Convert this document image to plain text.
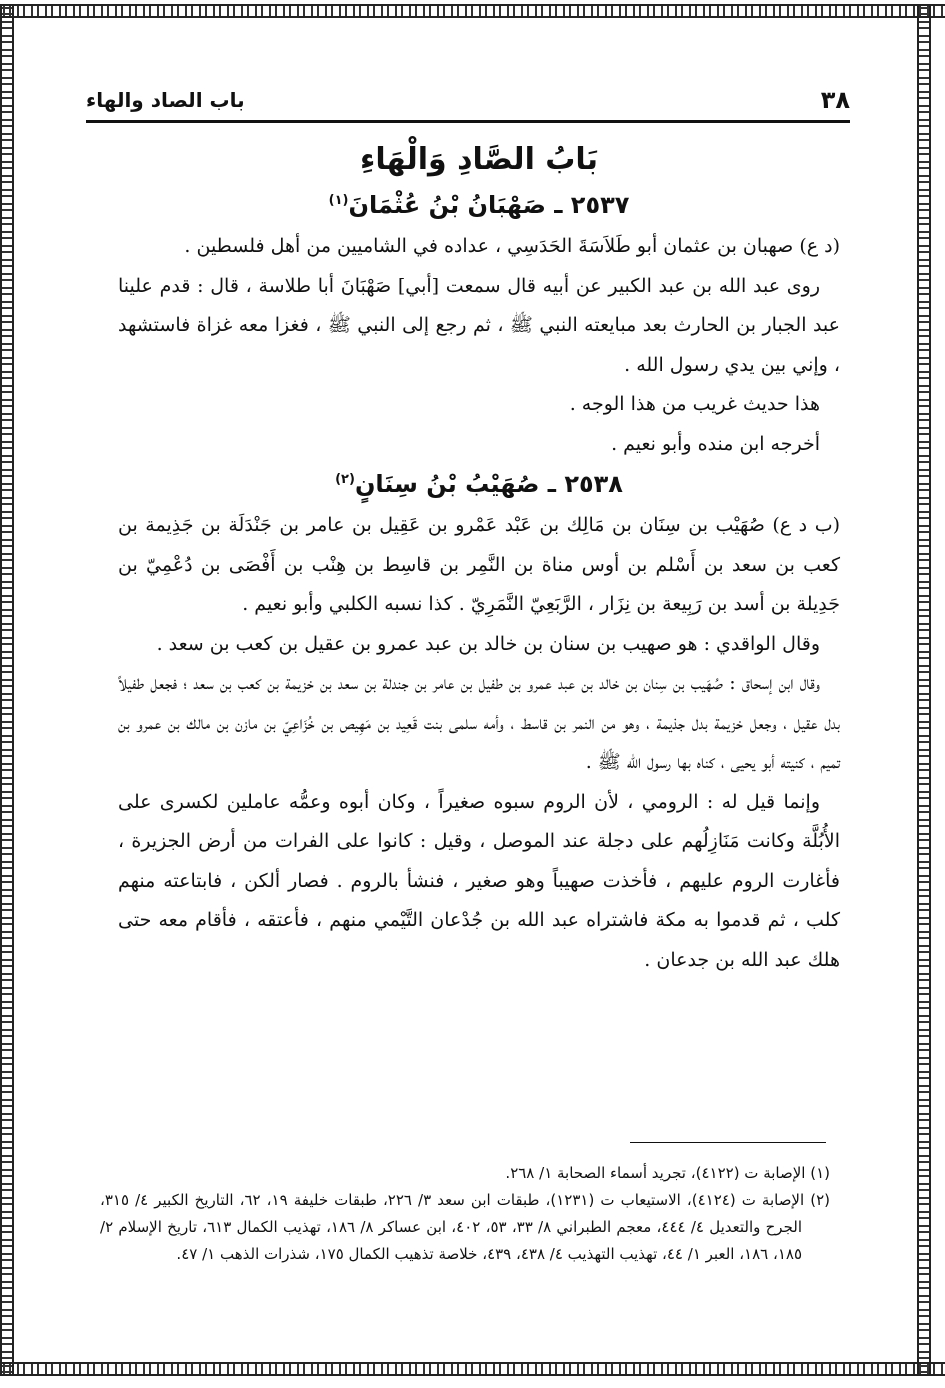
٣٨
باب الصاد والهاء
بَابُ الصَّادِ وَالْهَاءِ
٢٥٣٧ ـ صَهْبَانُ بْنُ عُثْمَانَ$^{(١)}$

(د ع) صهبان بن عثمان أبو طَلاَسَةَ الحَدَسِي ، عداده في الشاميين من أهل فلسطين .

روى عبد الله بن عبد الكبير عن أبيه قال سمعت [أبي] صَهْبَانَ أبا طلاسة ، قال : قدم علينا عبد الجبار بن الحارث بعد مبايعته النبي ﷺ ، ثم رجع إلى النبي ﷺ ، فغزا معه غزاة فاستشهد ، وإني بين يدي رسول الله .

هذا حديث غريب من هذا الوجه .

أخرجه ابن منده وأبو نعيم .

٢٥٣٨ ـ صُهَيْبُ بْنُ سِنَانٍ$^{(٢)}$

(ب د ع) صُهَيْب بن سِنَان بن مَالِك بن عَبْد عَمْرو بن عَقِيل بن عامر بن جَنْدَلَة بن جَذِيمة بن كعب بن سعد بن أَسْلم بن أوس مناة بن النَّمِر بن قاسِط بن هِنْب بن أَفْصَى بن دُعْمِيّ بن جَدِيلة بن أسد بن رَبِيعة بن نِزَار ، الرَّبَعِيّ النَّمَرِيّ . كذا نسبه الكلبي وأبو نعيم .

وقال الواقدي : هو صهيب بن سنان بن خالد بن عبد عمرو بن عقيل بن كعب بن سعد .

وقال ابن إسحاق : صُهَيب بن سِنان بن خالد بن عبد عمرو بن طفيل بن عامر بن جندلة بن سعد بن خزيمة بن كعب بن سعد ؛ فجعل طفيلاً بدل عقيل ، وجعل خزيمة بدل جذيمة ، وهو من النمر بن قاسط ، وأمه سلمى بنت قَعِيد بن مَهِيص بن خُزَاعِيّ بن مازن بن مالك بن عمرو بن تميم ، كنيته أبو يحيى ، كناه بها رسول الله ﷺ .

وإنما قيل له : الرومي ، لأن الروم سبوه صغيراً ، وكان أبوه وعمُّه عاملين لكسرى على الأُبُلَّة وكانت مَنَازِلُهم على دجلة عند الموصل ، وقيل : كانوا على الفرات من أرض الجزيرة ، فأغارت الروم عليهم ، فأخذت صهيباً وهو صغير ، فنشأ بالروم . فصار ألكن ، فابتاعته منهم كلب ، ثم قدموا به مكة فاشتراه عبد الله بن جُدْعان التَّيْمي منهم ، فأعتقه ، فأقام معه حتى هلك عبد الله بن جدعان .

(١) الإصابة ت (٤١٢٢)، تجريد أسماء الصحابة ١/ ٢٦٨.
(٢) الإصابة ت (٤١٢٤)، الاستيعاب ت (١٢٣١)، طبقات ابن سعد ٣/ ٢٢٦، طبقات خليفة ١٩، ٦٢، التاريخ الكبير ٤/ ٣١٥، الجرح والتعديل ٤/ ٤٤٤، معجم الطبراني ٨/ ٣٣، ٥٣، ٤٠٢، ابن عساكر ٨/ ١٨٦، تهذيب الكمال ٦١٣، تاريخ الإسلام ٢/ ١٨٥، ١٨٦، العبر ١/ ٤٤، تهذيب التهذيب ٤/ ٤٣٨، ٤٣٩، خلاصة تذهيب الكمال ١٧٥، شذرات الذهب ١/ ٤٧.
